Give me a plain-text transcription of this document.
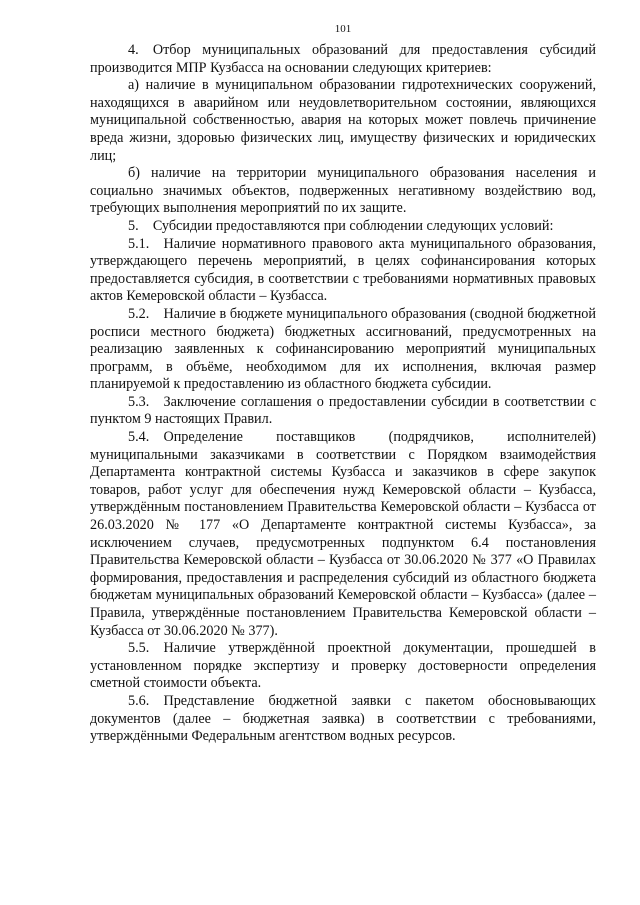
101

4. Отбор муниципальных образований для предоставления субсидий производится МПР Кузбасса на основании следующих критериев:

а) наличие в муниципальном образовании гидротехнических сооружений, находящихся в аварийном или неудовлетворительном состоянии, являющихся муниципальной собственностью, авария на которых может повлечь причинение вреда жизни, здоровью физических лиц, имуществу физических и юридических лиц;

б) наличие на территории муниципального образования населения и социально значимых объектов, подверженных негативному воздействию вод, требующих выполнения мероприятий по их защите.

5. Субсидии предоставляются при соблюдении следующих условий:

5.1. Наличие нормативного правового акта муниципального образования, утверждающего перечень мероприятий, в целях софинансирования которых предоставляется субсидия, в соответствии с требованиями нормативных правовых актов Кемеровской области – Кузбасса.

5.2. Наличие в бюджете муниципального образования (сводной бюджетной росписи местного бюджета) бюджетных ассигнований, предусмотренных на реализацию заявленных к софинансированию мероприятий муниципальных программ, в объёме, необходимом для их исполнения, включая размер планируемой к предоставлению из областного бюджета субсидии.

5.3. Заключение соглашения о предоставлении субсидии в соответствии с пунктом 9 настоящих Правил.

5.4. Определение поставщиков (подрядчиков, исполнителей) муниципальными заказчиками в соответствии с Порядком взаимодействия Департамента контрактной системы Кузбасса и заказчиков в сфере закупок товаров, работ услуг для обеспечения нужд Кемеровской области – Кузбасса, утверждённым постановлением Правительства Кемеровской области – Кузбасса от 26.03.2020 № 177 «О Департаменте контрактной системы Кузбасса», за исключением случаев, предусмотренных подпунктом 6.4 постановления Правительства Кемеровской области – Кузбасса от 30.06.2020 № 377 «О Правилах формирования, предоставления и распределения субсидий из областного бюджета бюджетам муниципальных образований Кемеровской области – Кузбасса» (далее – Правила, утверждённые постановлением Правительства Кемеровской области – Кузбасса от 30.06.2020 № 377).

5.5. Наличие утверждённой проектной документации, прошедшей в установленном порядке экспертизу и проверку достоверности определения сметной стоимости объекта.

5.6. Представление бюджетной заявки с пакетом обосновывающих документов (далее – бюджетная заявка) в соответствии с требованиями, утверждёнными Федеральным агентством водных ресурсов.
